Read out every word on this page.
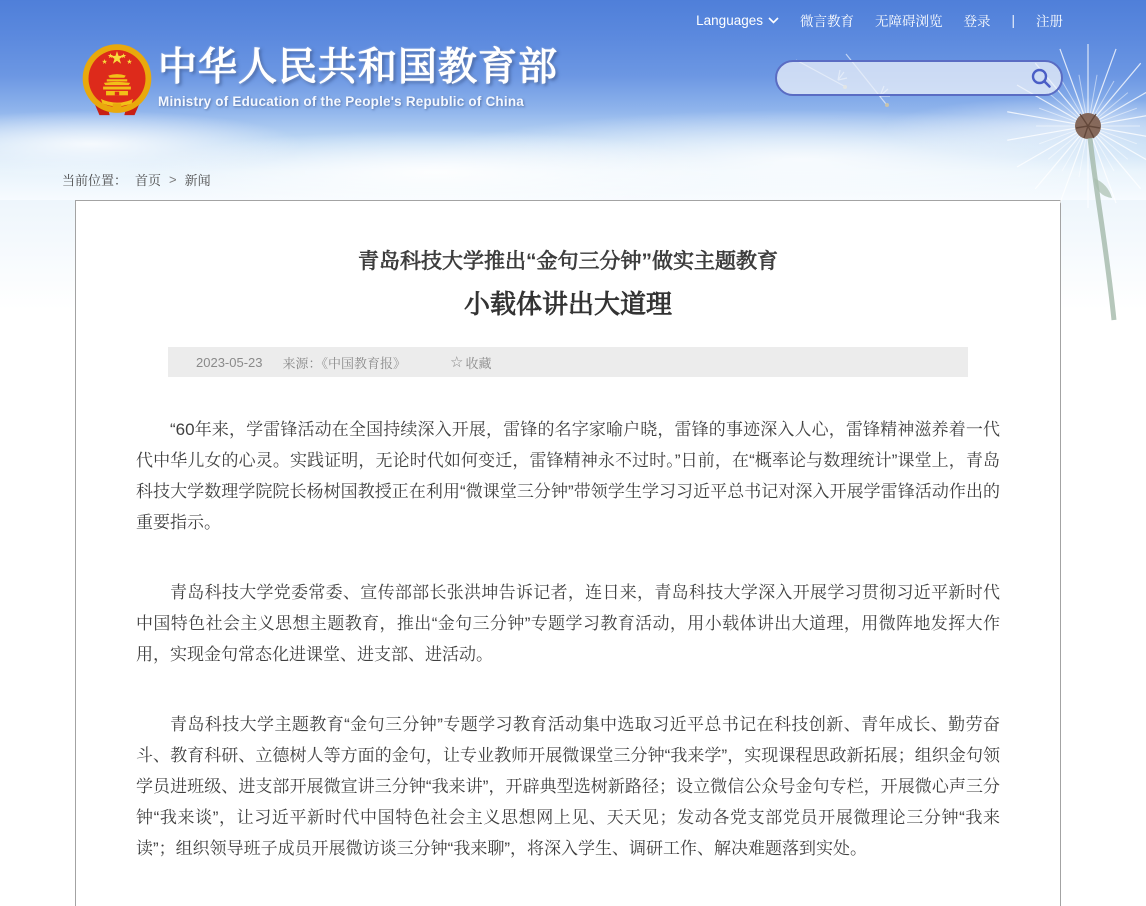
Languages	微言教育 无障碍浏览 登录 | 注册
中华人民共和国教育部
Ministry of Education of the People's Republic of China
当前位置： 首页 > 新闻
青岛科技大学推出“金句三分钟”做实主题教育
小载体讲出大道理
2023-05-23 来源：《中国教育报》	☆ 收藏

“60年来，学雷锋活动在全国持续深入开展，雷锋的名字家喻户晓，雷锋的事迹深入人心，雷锋精神滋养着一代代中华儿女的心灵。实践证明，无论时代如何变迁，雷锋精神永不过时。”日前，在“概率论与数理统计”课堂上，青岛科技大学数理学院院长杨树国教授正在利用“微课堂三分钟”带领学生学习习近平总书记对深入开展学雷锋活动作出的重要指示。

青岛科技大学党委常委、宣传部部长张洪坤告诉记者，连日来，青岛科技大学深入开展学习贯彻习近平新时代中国特色社会主义思想主题教育，推出“金句三分钟”专题学习教育活动，用小载体讲出大道理，用微阵地发挥大作用，实现金句常态化进课堂、进支部、进活动。

青岛科技大学主题教育“金句三分钟”专题学习教育活动集中选取习近平总书记在科技创新、青年成长、勤劳奋斗、教育科研、立德树人等方面的金句，让专业教师开展微课堂三分钟“我来学”，实现课程思政新拓展；组织金句领学员进班级、进支部开展微宣讲三分钟“我来讲”，开辟典型选树新路径；设立微信公众号金句专栏，开展微心声三分钟“我来谈”，让习近平新时代中国特色社会主义思想网上见、天天见；发动各党支部党员开展微理论三分钟“我来读”；组织领导班子成员开展微访谈三分钟“我来聊”，将深入学生、调研工作、解决难题落到实处。
